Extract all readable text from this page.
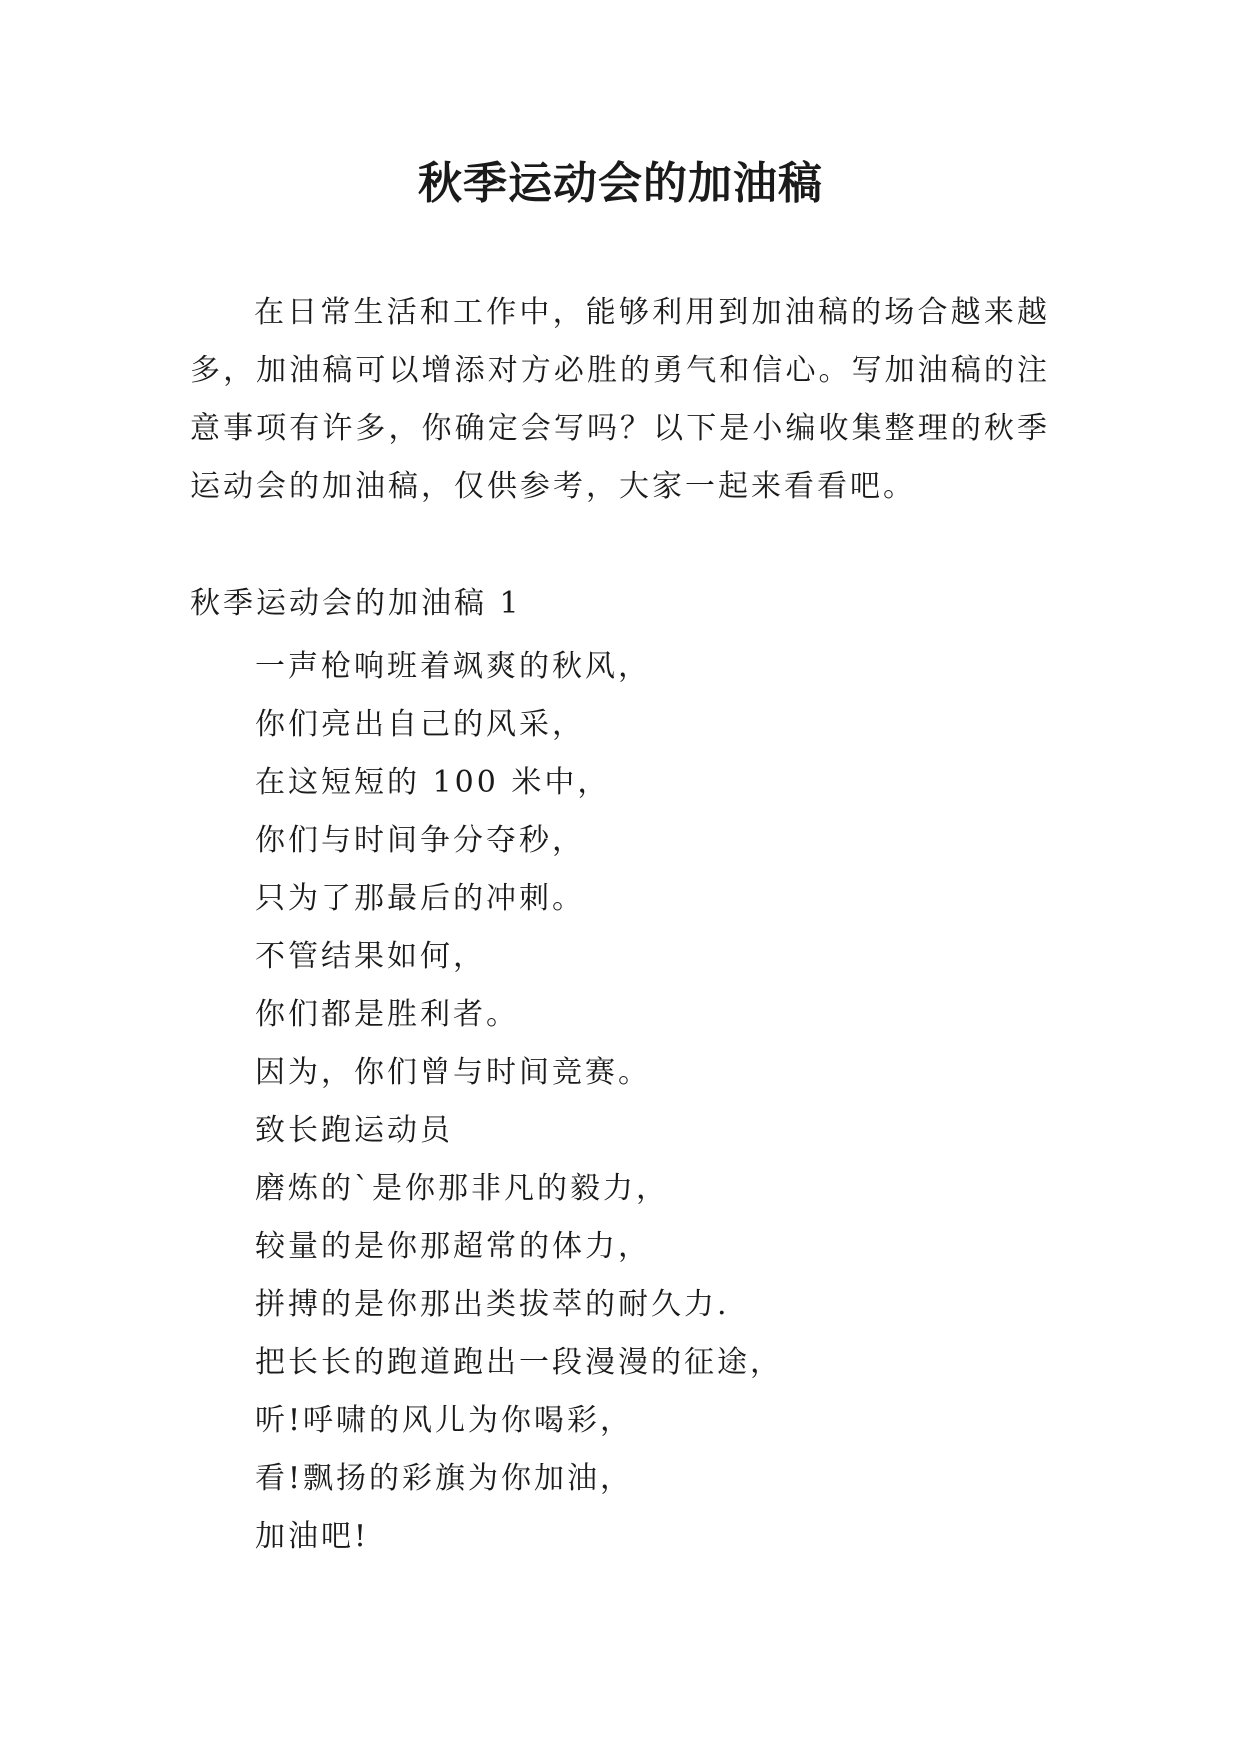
秋季运动会的加油稿

在日常生活和工作中，能够利用到加油稿的场合越来越多，加油稿可以增添对方必胜的勇气和信心。写加油稿的注意事项有许多，你确定会写吗？以下是小编收集整理的秋季运动会的加油稿，仅供参考，大家一起来看看吧。

秋季运动会的加油稿 1
一声枪响班着飒爽的秋风，
你们亮出自己的风采，
在这短短的 100 米中，
你们与时间争分夺秒，
只为了那最后的冲刺。
不管结果如何，
你们都是胜利者。
因为，你们曾与时间竞赛。
致长跑运动员
磨炼的`是你那非凡的毅力，
较量的是你那超常的体力，
拼搏的是你那出类拔萃的耐久力.
把长长的跑道跑出一段漫漫的征途，
听!呼啸的风儿为你喝彩，
看!飘扬的彩旗为你加油，
加油吧!
